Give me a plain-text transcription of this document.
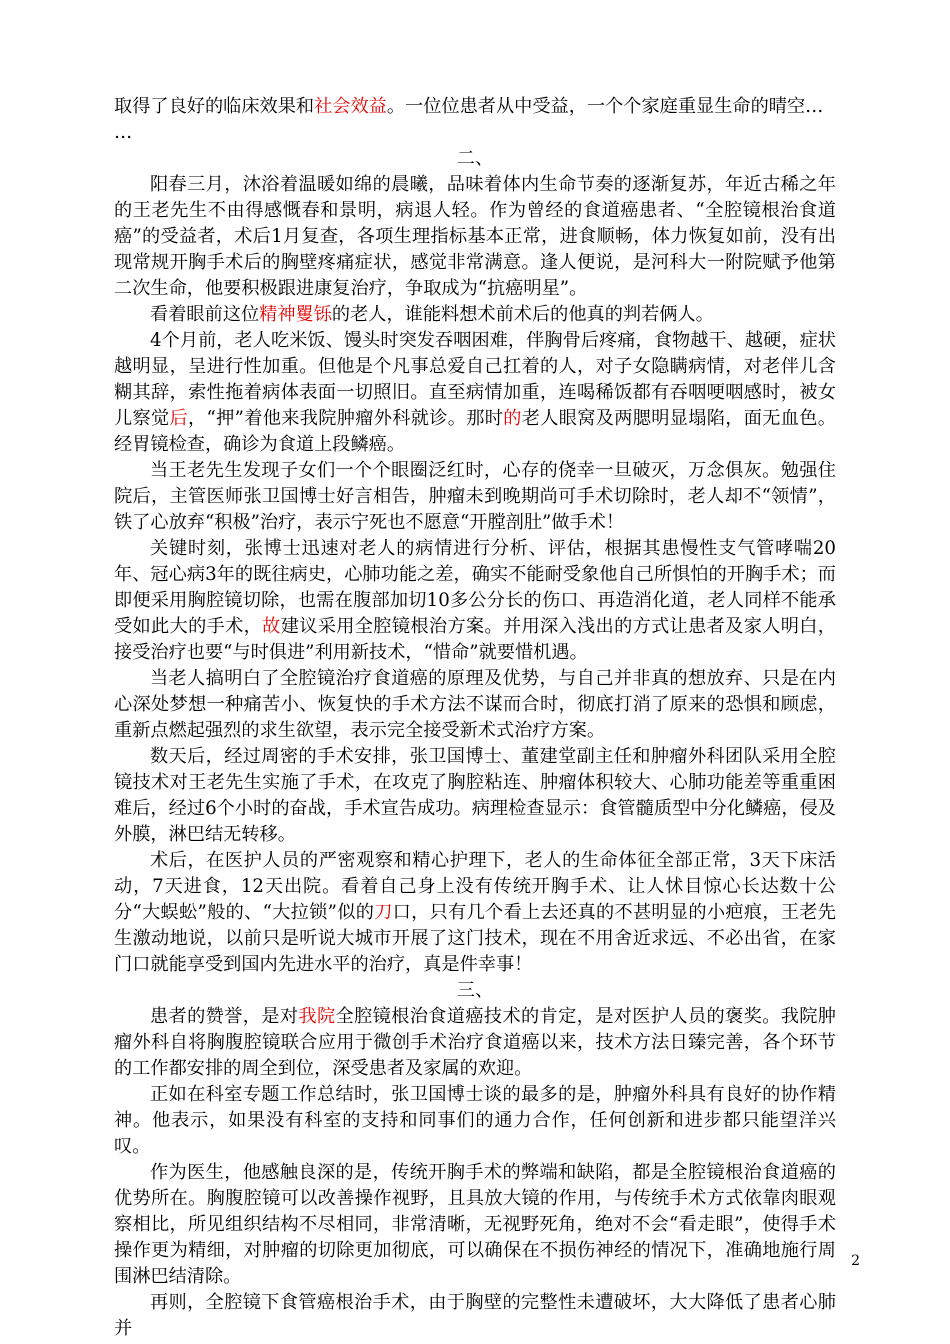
取得了良好的临床效果和社会效益。一位位患者从中受益，一个个家庭重显生命的晴空…

…

二、

阳春三月，沐浴着温暖如绵的晨曦，品味着体内生命节奏的逐渐复苏，年近古稀之年的王老先生不由得感慨春和景明，病退人轻。作为曾经的食道癌患者、“全腔镜根治食道癌”的受益者，术后1月复查，各项生理指标基本正常，进食顺畅，体力恢复如前，没有出现常规开胸手术后的胸壁疼痛症状，感觉非常满意。逢人便说，是河科大一附院赋予他第二次生命，他要积极跟进康复治疗，争取成为“抗癌明星”。

看着眼前这位精神矍铄的老人，谁能料想术前术后的他真的判若俩人。

4个月前，老人吃米饭、馒头时突发吞咽困难，伴胸骨后疼痛，食物越干、越硬，症状越明显，呈进行性加重。但他是个凡事总爱自己扛着的人，对子女隐瞒病情，对老伴儿含糊其辞，索性拖着病体表面一切照旧。直至病情加重，连喝稀饭都有吞咽哽咽感时，被女儿察觉后，“押”着他来我院肿瘤外科就诊。那时的老人眼窝及两腮明显塌陷，面无血色。经胃镜检查，确诊为食道上段鳞癌。

当王老先生发现子女们一个个眼圈泛红时，心存的侥幸一旦破灭，万念俱灰。勉强住院后，主管医师张卫国博士好言相告，肿瘤未到晚期尚可手术切除时，老人却不“领情”，铁了心放弃“积极”治疗，表示宁死也不愿意“开膛剖肚”做手术！

关键时刻，张博士迅速对老人的病情进行分析、评估，根据其患慢性支气管哮喘20年、冠心病3年的既往病史，心肺功能之差，确实不能耐受象他自己所惧怕的开胸手术；而即便采用胸腔镜切除，也需在腹部加切10多公分长的伤口、再造消化道，老人同样不能承受如此大的手术，故建议采用全腔镜根治方案。并用深入浅出的方式让患者及家人明白，接受治疗也要“与时俱进”利用新技术，“惜命”就要惜机遇。

当老人搞明白了全腔镜治疗食道癌的原理及优势，与自己并非真的想放弃、只是在内心深处梦想一种痛苦小、恢复快的手术方法不谋而合时，彻底打消了原来的恐惧和顾虑，重新点燃起强烈的求生欲望，表示完全接受新术式治疗方案。

数天后，经过周密的手术安排，张卫国博士、董建堂副主任和肿瘤外科团队采用全腔镜技术对王老先生实施了手术，在攻克了胸腔粘连、肿瘤体积较大、心肺功能差等重重困难后，经过6个小时的奋战，手术宣告成功。病理检查显示：食管髓质型中分化鳞癌，侵及外膜，淋巴结无转移。

术后，在医护人员的严密观察和精心护理下，老人的生命体征全部正常，3天下床活动，7天进食，12天出院。看着自己身上没有传统开胸手术、让人怵目惊心长达数十公分“大蜈蚣”般的、“大拉锁”似的刀口，只有几个看上去还真的不甚明显的小疤痕，王老先生激动地说，以前只是听说大城市开展了这门技术，现在不用舍近求远、不必出省，在家门口就能享受到国内先进水平的治疗，真是件幸事！

三、

患者的赞誉，是对我院全腔镜根治食道癌技术的肯定，是对医护人员的褒奖。我院肿瘤外科自将胸腹腔镜联合应用于微创手术治疗食道癌以来，技术方法日臻完善，各个环节的工作都安排的周全到位，深受患者及家属的欢迎。

正如在科室专题工作总结时，张卫国博士谈的最多的是，肿瘤外科具有良好的协作精神。他表示，如果没有科室的支持和同事们的通力合作，任何创新和进步都只能望洋兴叹。

作为医生，他感触良深的是，传统开胸手术的弊端和缺陷，都是全腔镜根治食道癌的优势所在。胸腹腔镜可以改善操作视野，且具放大镜的作用，与传统手术方式依靠肉眼观察相比，所见组织结构不尽相同，非常清晰，无视野死角，绝对不会“看走眼”，使得手术操作更为精细，对肿瘤的切除更加彻底，可以确保在不损伤神经的情况下，准确地施行周围淋巴结清除。

再则，全腔镜下食管癌根治手术，由于胸壁的完整性未遭破坏，大大降低了患者心肺并

2
